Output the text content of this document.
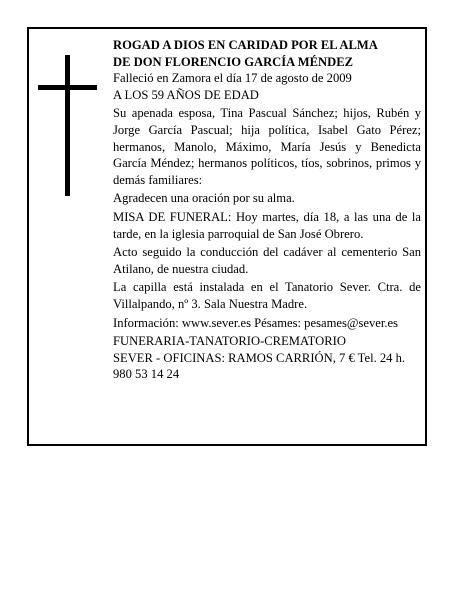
ROGAD A DIOS EN CARIDAD POR EL ALMA

DE DON FLORENCIO GARCÍA MÉNDEZ

Falleció en Zamora el día 17 de agosto de 2009

A LOS 59 AÑOS DE EDAD

Su apenada esposa, Tina Pascual Sánchez; hijos, Rubén y Jorge García Pascual; hija política, Isabel Gato Pérez; hermanos, Manolo, Máximo, María Jesús y Benedicta García Méndez; hermanos políticos, tíos, sobrinos, primos y demás familiares:

Agradecen una oración por su alma.

MISA DE FUNERAL: Hoy martes, día 18, a las una de la tarde, en la iglesia parroquial de San José Obrero.

Acto seguido la conducción del cadáver al cementerio San Atilano, de nuestra ciudad.

La capilla está instalada en el Tanatorio Sever. Ctra. de Villalpando, nº 3. Sala Nuestra Madre.

Información: www.sever.es Pésames: pesames@sever.es

FUNERARIA-TANATORIO-CREMATORIO

SEVER - OFICINAS: RAMOS CARRIÓN, 7 € Tel. 24 h. 980 53 14 24
